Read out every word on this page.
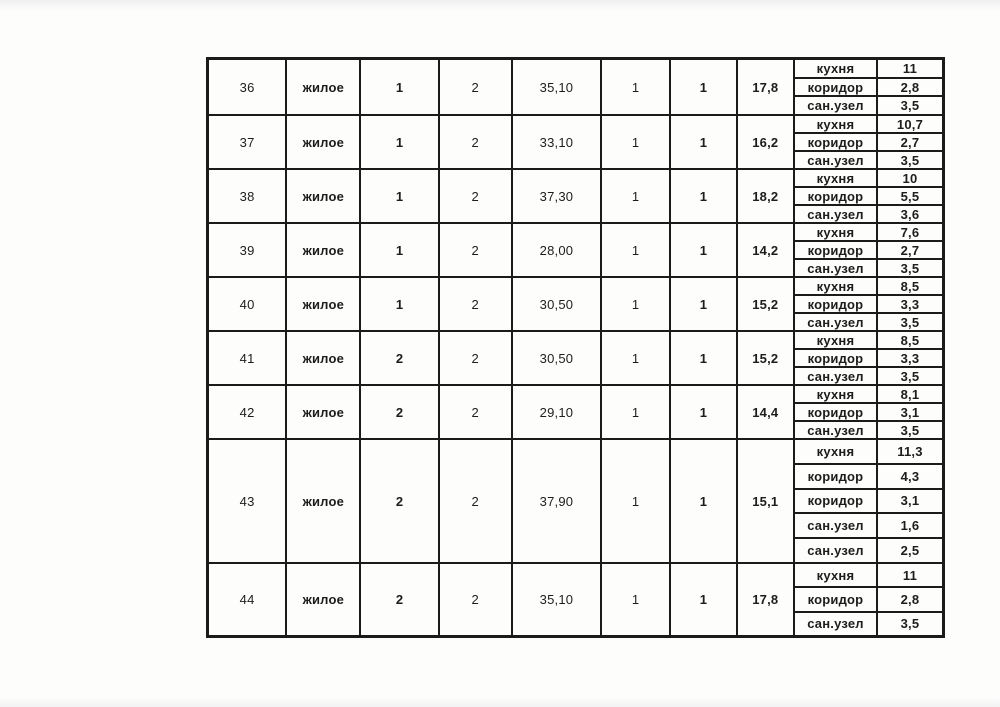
36	жилое	1	2	35,10	1	1	17,8
кухня	11
коридор	2,8
сан.узел	3,5
37	жилое	1	2	33,10	1	1	16,2
кухня	10,7
коридор	2,7
сан.узел	3,5
38	жилое	1	2	37,30	1	1	18,2
кухня	10
коридор	5,5
сан.узел	3,6
39	жилое	1	2	28,00	1	1	14,2
кухня	7,6
коридор	2,7
сан.узел	3,5
40	жилое	1	2	30,50	1	1	15,2
кухня	8,5
коридор	3,3
сан.узел	3,5
41	жилое	2	2	30,50	1	1	15,2
кухня	8,5
коридор	3,3
сан.узел	3,5
42	жилое	2	2	29,10	1	1	14,4
кухня	8,1
коридор	3,1
сан.узел	3,5
43	жилое	2	2	37,90	1	1	15,1
кухня	11,3
коридор	4,3
коридор	3,1
сан.узел	1,6
сан.узел	2,5
44	жилое	2	2	35,10	1	1	17,8
кухня	11
коридор	2,8
сан.узел	3,5
